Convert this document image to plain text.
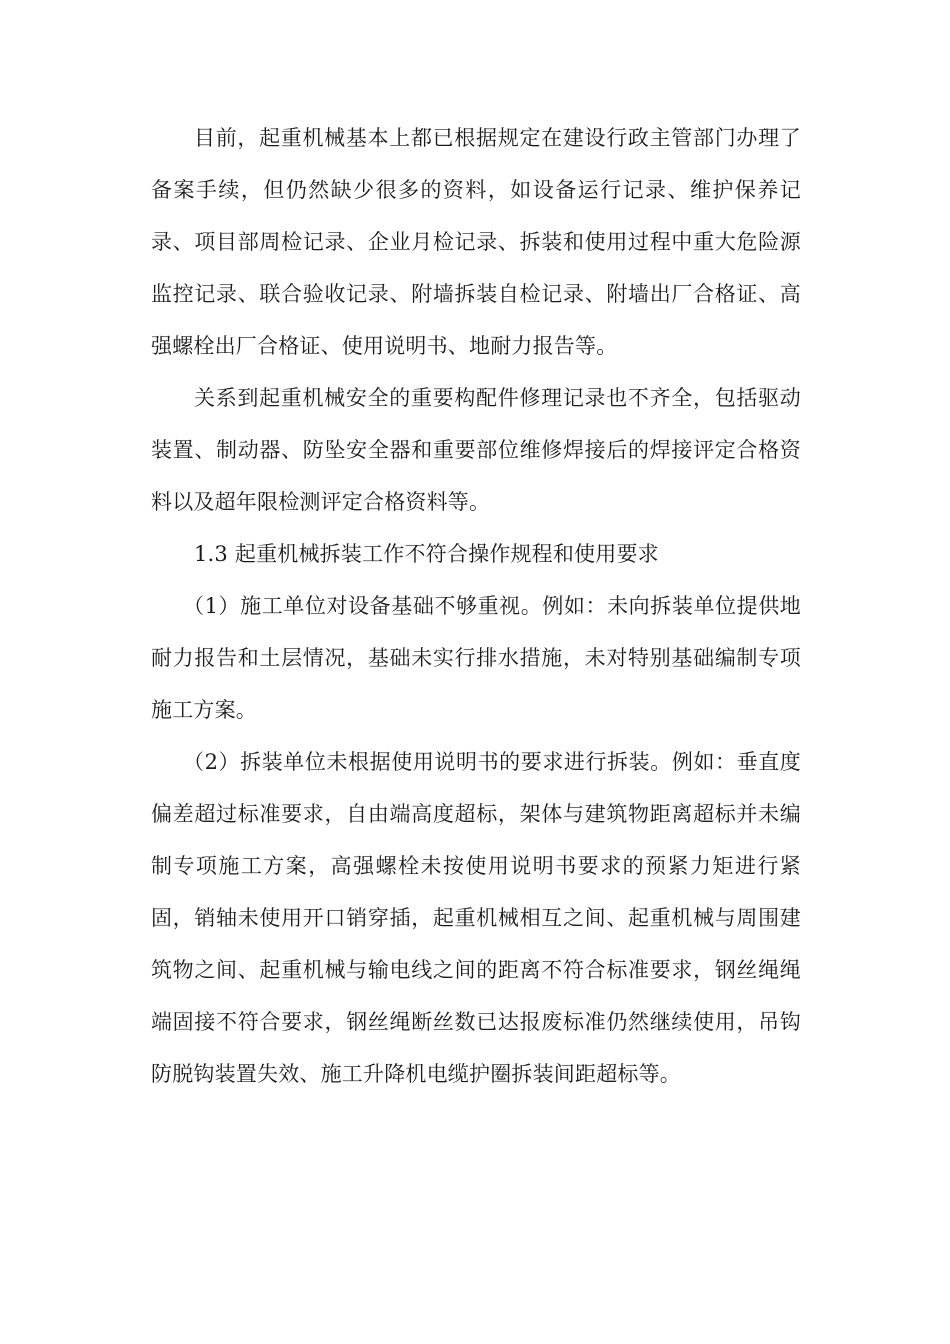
目前，起重机械基本上都已根据规定在建设行政主管部门办理了备案手续，但仍然缺少很多的资料，如设备运行记录、维护保养记录、项目部周检记录、企业月检记录、拆装和使用过程中重大危险源监控记录、联合验收记录、附墙拆装自检记录、附墙出厂合格证、高强螺栓出厂合格证、使用说明书、地耐力报告等。

关系到起重机械安全的重要构配件修理记录也不齐全，包括驱动装置、制动器、防坠安全器和重要部位维修焊接后的焊接评定合格资料以及超年限检测评定合格资料等。

1.3 起重机械拆装工作不符合操作规程和使用要求

（1）施工单位对设备基础不够重视。例如：未向拆装单位提供地耐力报告和土层情况，基础未实行排水措施，未对特别基础编制专项施工方案。

（2）拆装单位未根据使用说明书的要求进行拆装。例如：垂直度偏差超过标准要求，自由端高度超标，架体与建筑物距离超标并未编制专项施工方案，高强螺栓未按使用说明书要求的预紧力矩进行紧固，销轴未使用开口销穿插，起重机械相互之间、起重机械与周围建筑物之间、起重机械与输电线之间的距离不符合标准要求，钢丝绳绳端固接不符合要求，钢丝绳断丝数已达报废标准仍然继续使用，吊钩防脱钩装置失效、施工升降机电缆护圈拆装间距超标等。
